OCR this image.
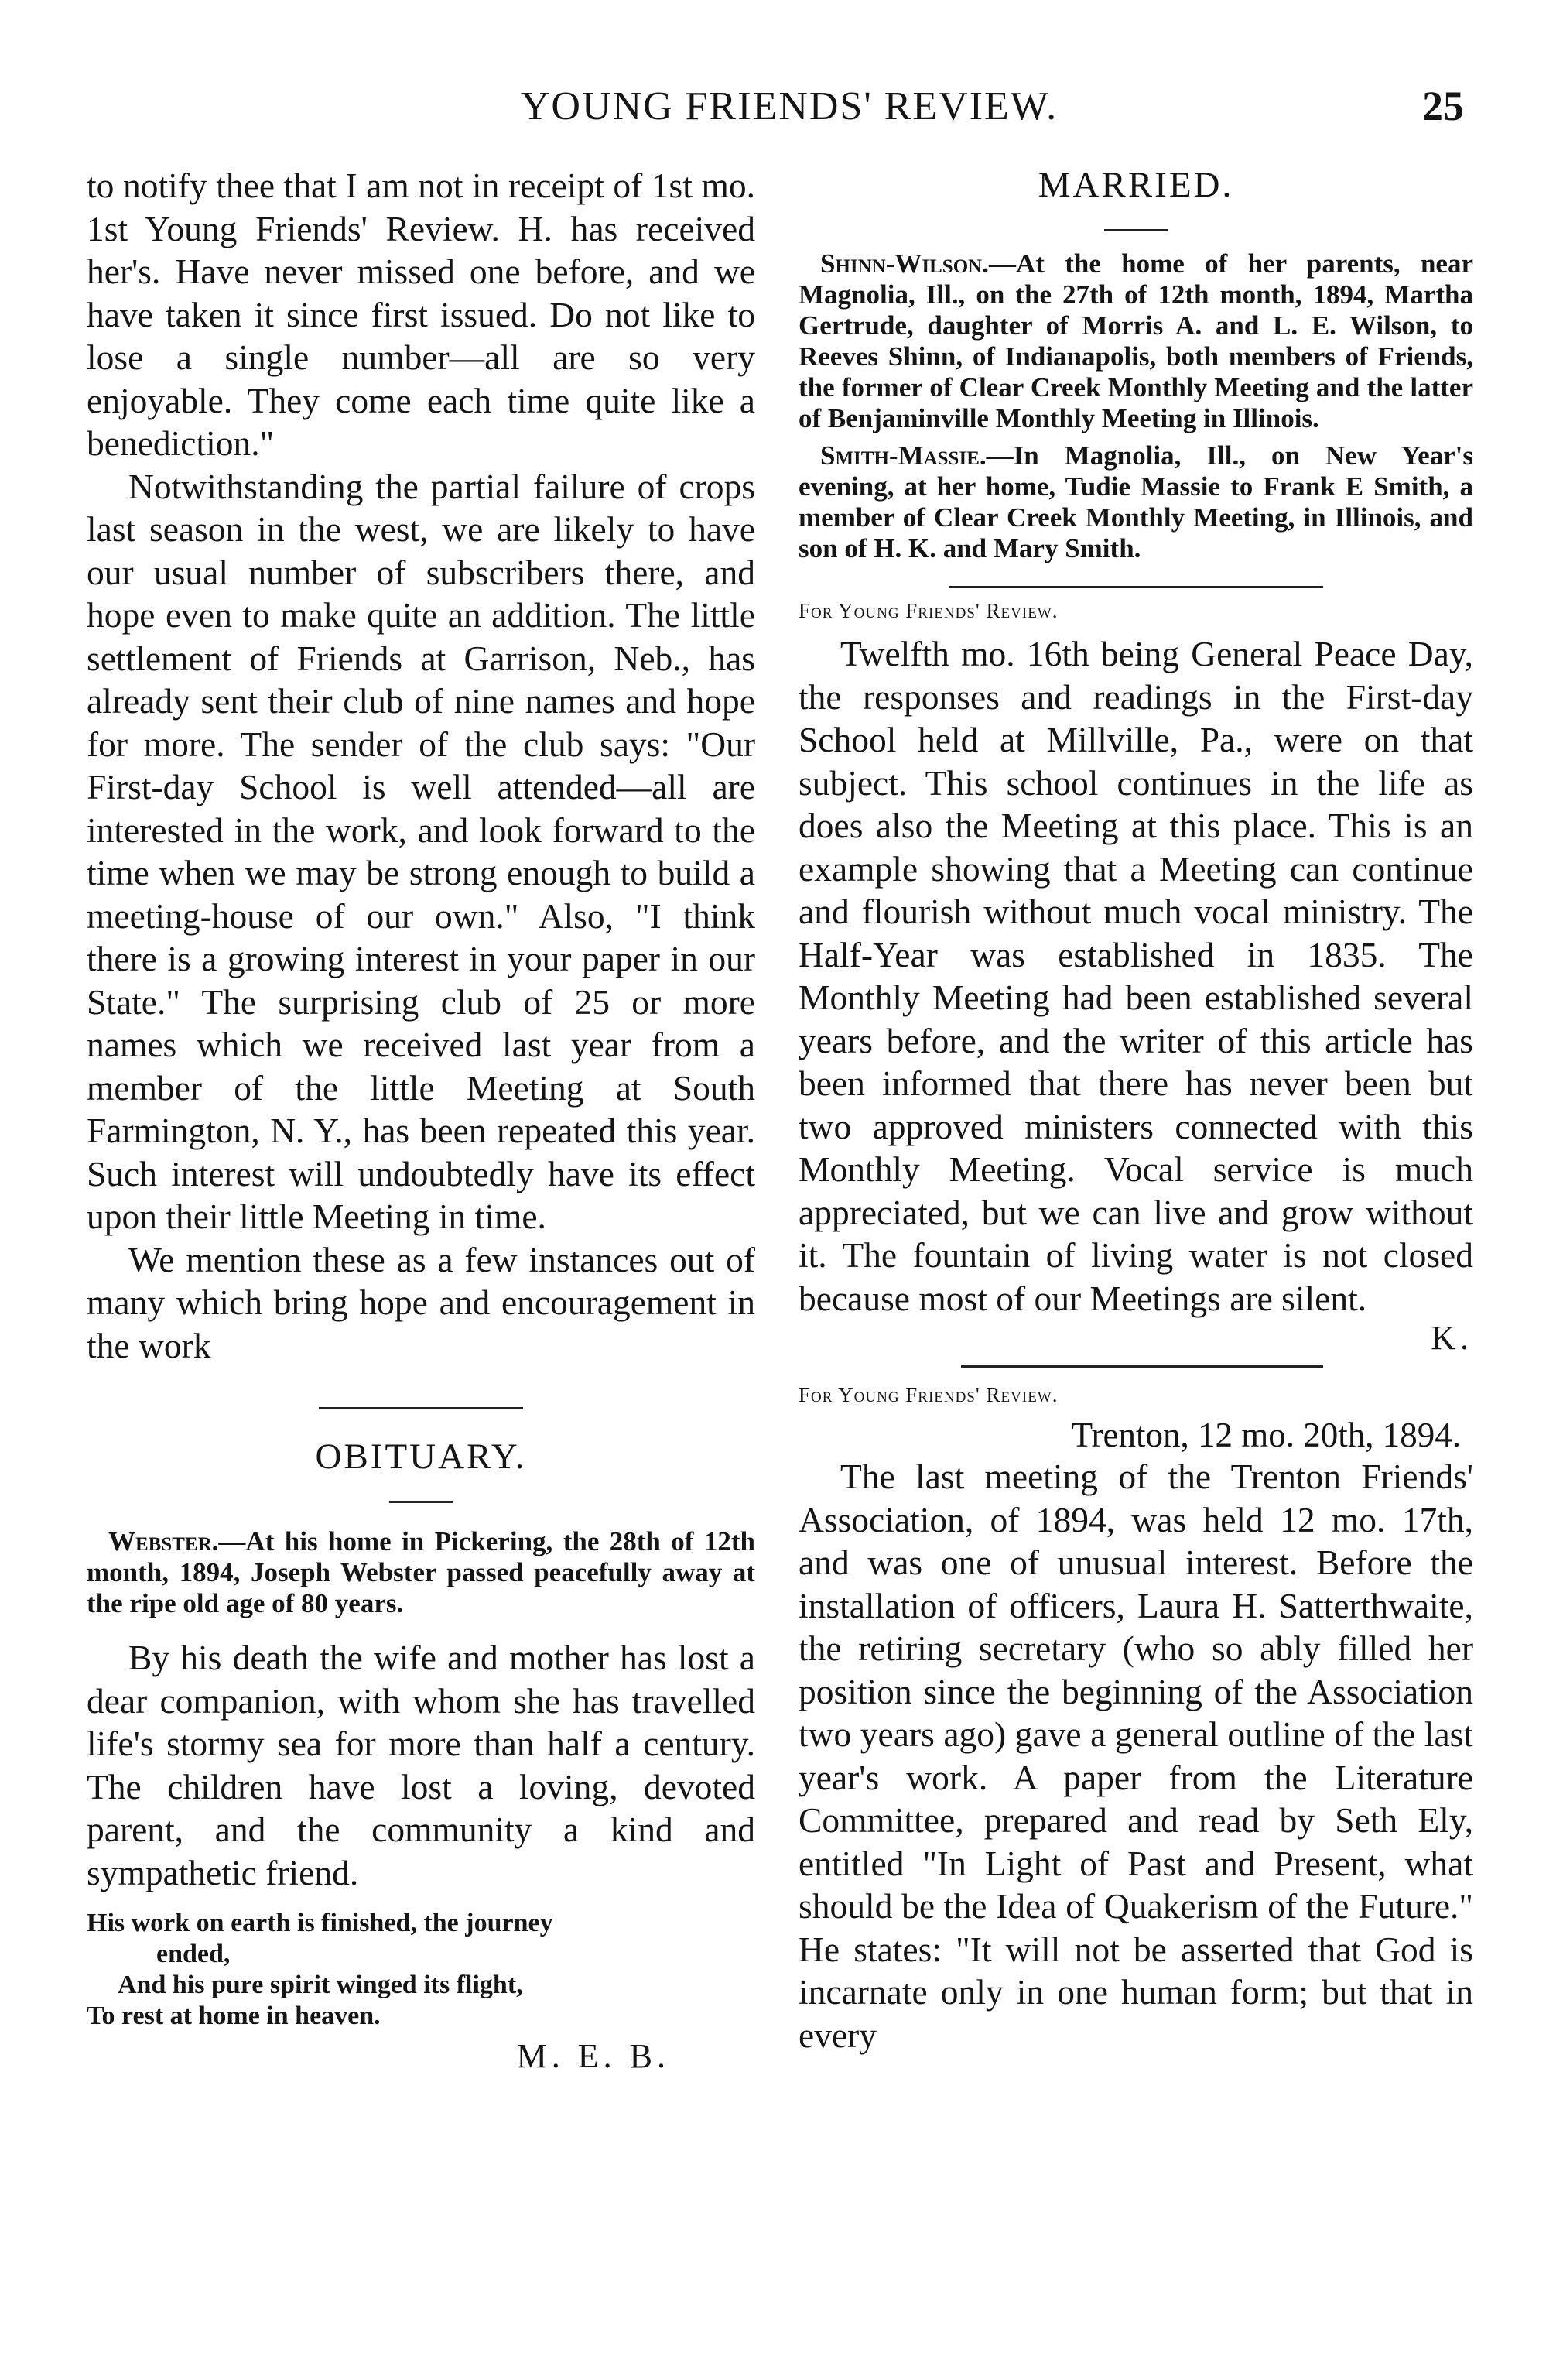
YOUNG FRIENDS' REVIEW.	25

to notify thee that I am not in receipt of 1st mo. 1st Young Friends' Review. H. has received her's. Have never missed one before, and we have taken it since first issued. Do not like to lose a single number—all are so very enjoyable. They come each time quite like a benediction."

Notwithstanding the partial failure of crops last season in the west, we are likely to have our usual number of subscribers there, and hope even to make quite an addition. The little settlement of Friends at Garrison, Neb., has already sent their club of nine names and hope for more. The sender of the club says: "Our First-day School is well attended—all are interested in the work, and look forward to the time when we may be strong enough to build a meeting-house of our own." Also, "I think there is a growing interest in your paper in our State." The surprising club of 25 or more names which we received last year from a member of the little Meeting at South Farmington, N. Y., has been repeated this year. Such interest will undoubtedly have its effect upon their little Meeting in time.

We mention these as a few instances out of many which bring hope and encouragement in the work

OBITUARY.

Webster.—At his home in Pickering, the 28th of 12th month, 1894, Joseph Webster passed peacefully away at the ripe old age of 80 years.

By his death the wife and mother has lost a dear companion, with whom she has travelled life's stormy sea for more than half a century. The children have lost a loving, devoted parent, and the community a kind and sympathetic friend.

His work on earth is finished, the journey
ended,
And his pure spirit winged its flight,
To rest at home in heaven.

M. E. B.

MARRIED.

Shinn-Wilson.—At the home of her parents, near Magnolia, Ill., on the 27th of 12th month, 1894, Martha Gertrude, daughter of Morris A. and L. E. Wilson, to Reeves Shinn, of Indianapolis, both members of Friends, the former of Clear Creek Monthly Meeting and the latter of Benjaminville Monthly Meeting in Illinois.

Smith-Massie.—In Magnolia, Ill., on New Year's evening, at her home, Tudie Massie to Frank E Smith, a member of Clear Creek Monthly Meeting, in Illinois, and son of H. K. and Mary Smith.

For Young Friends' Review.

Twelfth mo. 16th being General Peace Day, the responses and readings in the First-day School held at Millville, Pa., were on that subject. This school continues in the life as does also the Meeting at this place. This is an example showing that a Meeting can continue and flourish without much vocal ministry. The Half-Year was established in 1835. The Monthly Meeting had been established several years before, and the writer of this article has been informed that there has never been but two approved ministers connected with this Monthly Meeting. Vocal service is much appreciated, but we can live and grow without it. The fountain of living water is not closed because most of our Meetings are silent.

K.

For Young Friends' Review.

Trenton, 12 mo. 20th, 1894.

The last meeting of the Trenton Friends' Association, of 1894, was held 12 mo. 17th, and was one of unusual interest. Before the installation of officers, Laura H. Satterthwaite, the retiring secretary (who so ably filled her position since the beginning of the Association two years ago) gave a general outline of the last year's work. A paper from the Literature Committee, prepared and read by Seth Ely, entitled "In Light of Past and Present, what should be the Idea of Quakerism of the Future." He states: "It will not be asserted that God is incarnate only in one human form; but that in every
